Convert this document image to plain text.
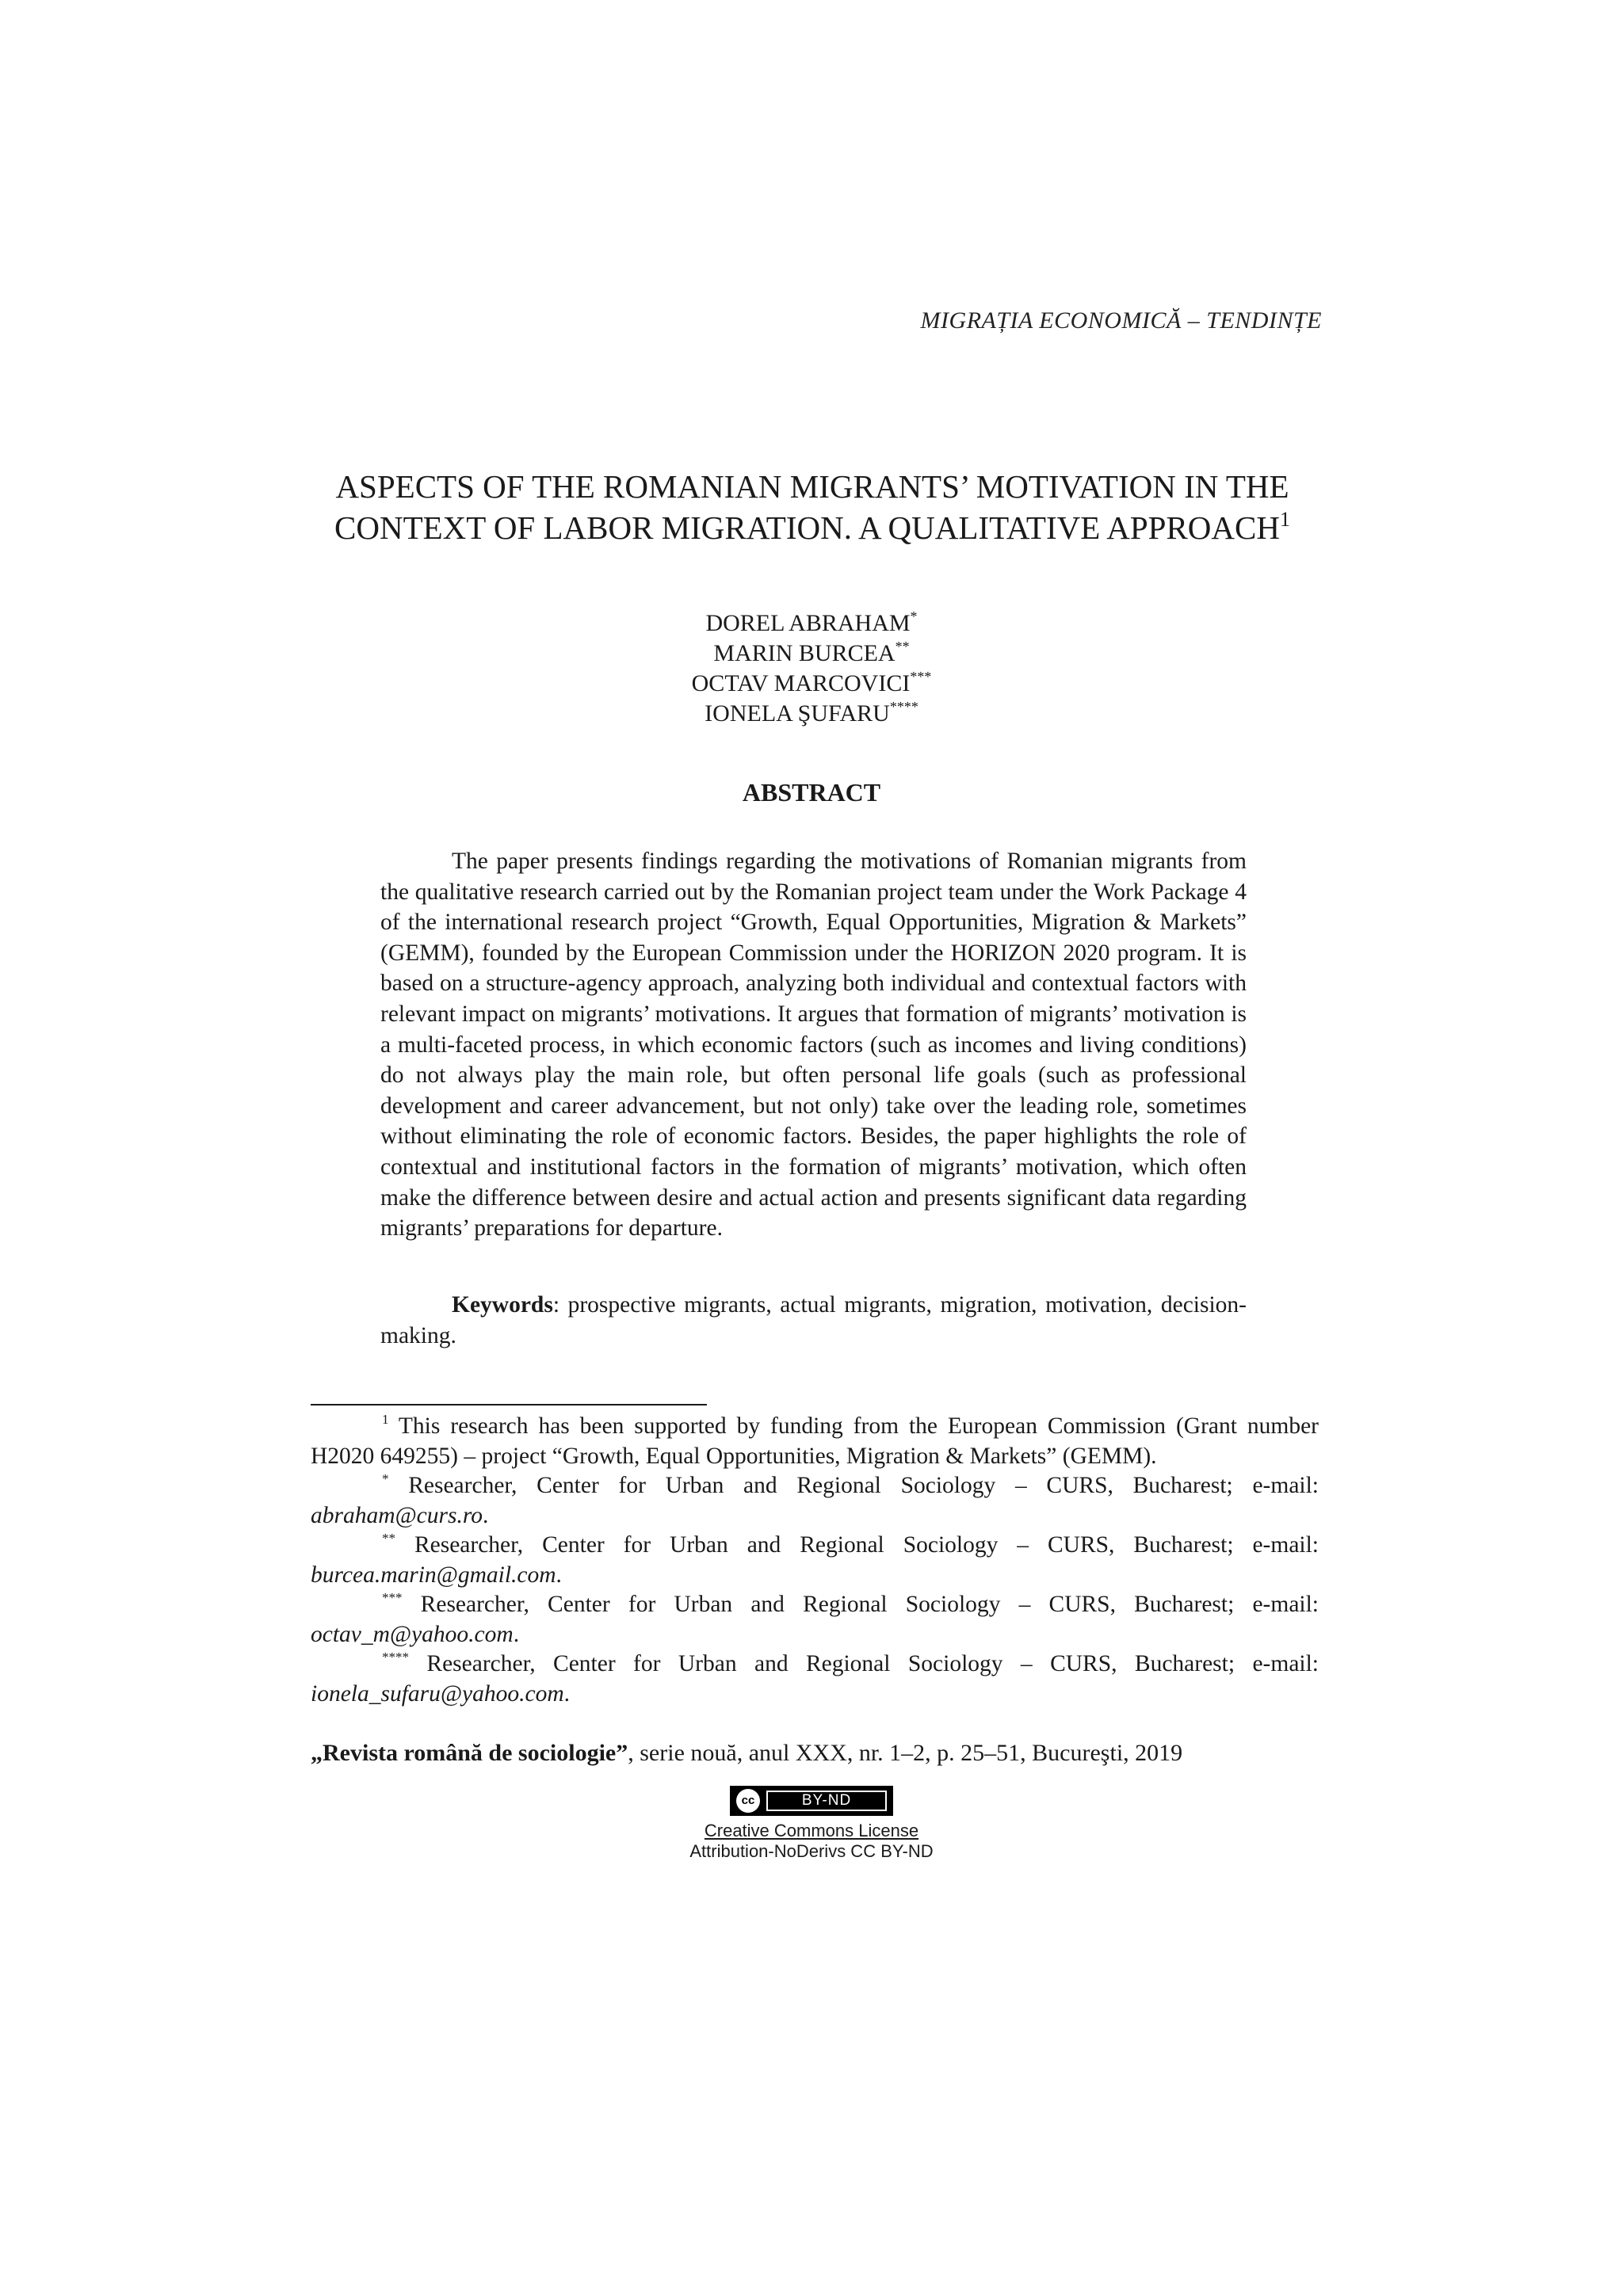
MIGRAȚIA ECONOMICĂ – TENDINȚE
ASPECTS OF THE ROMANIAN MIGRANTS’ MOTIVATION IN THE
CONTEXT OF LABOR MIGRATION. A QUALITATIVE APPROACH$^1$
DOREL ABRAHAM*
MARIN BURCEA**
OCTAV MARCOVICI***
IONELA ŞUFARU****
ABSTRACT

The paper presents findings regarding the motivations of Romanian migrants from the qualitative research carried out by the Romanian project team under the Work Package 4 of the international research project “Growth, Equal Opportunities, Migration & Markets” (GEMM), founded by the European Commission under the HORIZON 2020 program. It is based on a structure-agency approach, analyzing both individual and contextual factors with relevant impact on migrants’ motivations. It argues that formation of migrants’ motivation is a multi-faceted process, in which economic factors (such as incomes and living conditions) do not always play the main role, but often personal life goals (such as professional development and career advancement, but not only) take over the leading role, sometimes without eliminating the role of economic factors. Besides, the paper highlights the role of contextual and institutional factors in the formation of migrants’ motivation, which often make the difference between desire and actual action and presents significant data regarding migrants’ preparations for departure.

Keywords: prospective migrants, actual migrants, migration, motivation, decision-making.

$^1$ This research has been supported by funding from the European Commission (Grant number H2020 649255) – project “Growth, Equal Opportunities, Migration & Markets” (GEMM).

* Researcher, Center for Urban and Regional Sociology – CURS, Bucharest; e-mail: abraham@curs.ro.

** Researcher, Center for Urban and Regional Sociology – CURS, Bucharest; e-mail: burcea.marin@gmail.com.

*** Researcher, Center for Urban and Regional Sociology – CURS, Bucharest; e-mail: octav_m@yahoo.com.

**** Researcher, Center for Urban and Regional Sociology – CURS, Bucharest; e-mail: ionela_sufaru@yahoo.com.

„Revista română de sociologie”, serie nouă, anul XXX, nr. 1–2, p. 25–51, Bucureşti, 2019
cc	BY-ND
Creative Commons License
Attribution-NoDerivs CC BY-ND
